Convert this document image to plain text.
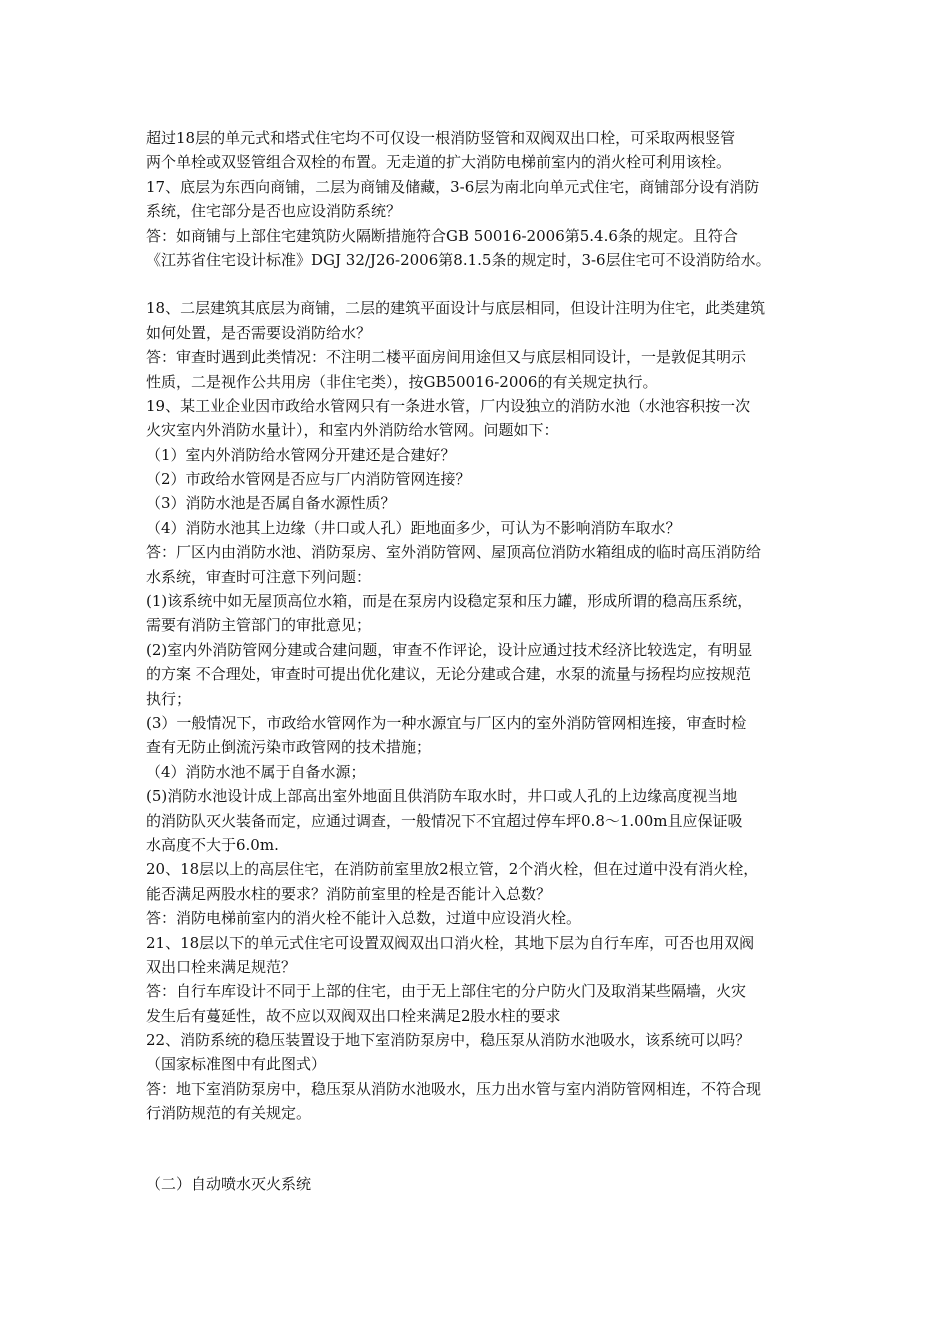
超过18层的单元式和塔式住宅均不可仅设一根消防竖管和双阀双出口栓，可采取两根竖管
两个单栓或双竖管组合双栓的布置。无走道的扩大消防电梯前室内的消火栓可利用该栓。
17、底层为东西向商铺，二层为商铺及储藏，3-6层为南北向单元式住宅，商铺部分设有消防
系统，住宅部分是否也应设消防系统？
答：如商铺与上部住宅建筑防火隔断措施符合GB 50016-2006第5.4.6条的规定。且符合
《江苏省住宅设计标准》DGJ 32/J26-2006第8.1.5条的规定时，3-6层住宅可不设消防给水。
18、二层建筑其底层为商铺，二层的建筑平面设计与底层相同，但设计注明为住宅，此类建筑
如何处置，是否需要设消防给水？
答：审查时遇到此类情况：不注明二楼平面房间用途但又与底层相同设计，一是敦促其明示
性质，二是视作公共用房（非住宅类），按GB50016-2006的有关规定执行。
19、某工业企业因市政给水管网只有一条进水管，厂内设独立的消防水池（水池容积按一次
火灾室内外消防水量计），和室内外消防给水管网。问题如下：
（1）室内外消防给水管网分开建还是合建好？
（2）市政给水管网是否应与厂内消防管网连接？
（3）消防水池是否属自备水源性质？
（4）消防水池其上边缘（井口或人孔）距地面多少，可认为不影响消防车取水？
答：厂区内由消防水池、消防泵房、室外消防管网、屋顶高位消防水箱组成的临时高压消防给
水系统，审查时可注意下列问题：
(1)该系统中如无屋顶高位水箱，而是在泵房内设稳定泵和压力罐，形成所谓的稳高压系统，
需要有消防主管部门的审批意见；
(2)室内外消防管网分建或合建问题，审查不作评论，设计应通过技术经济比较选定，有明显
的方案 不合理处，审查时可提出优化建议，无论分建或合建，水泵的流量与扬程均应按规范
执行；
(3）一般情况下，市政给水管网作为一种水源宜与厂区内的室外消防管网相连接，审查时检
查有无防止倒流污染市政管网的技术措施；
（4）消防水池不属于自备水源；
(5)消防水池设计成上部高出室外地面且供消防车取水时，井口或人孔的上边缘高度视当地
的消防队灭火装备而定，应通过调查，一般情况下不宜超过停车坪0.8～1.00m且应保证吸
水高度不大于6.0m.
20、18层以上的高层住宅，在消防前室里放2根立管，2个消火栓，但在过道中没有消火栓，
能否满足两股水柱的要求？消防前室里的栓是否能计入总数？
答：消防电梯前室内的消火栓不能计入总数，过道中应设消火栓。
21、18层以下的单元式住宅可设置双阀双出口消火栓，其地下层为自行车库，可否也用双阀
双出口栓来满足规范？
答：自行车库设计不同于上部的住宅，由于无上部住宅的分户防火门及取消某些隔墙，火灾
发生后有蔓延性，故不应以双阀双出口栓来满足2股水柱的要求
22、消防系统的稳压装置设于地下室消防泵房中，稳压泵从消防水池吸水，该系统可以吗？
（国家标准图中有此图式）
答：地下室消防泵房中，稳压泵从消防水池吸水，压力出水管与室内消防管网相连，不符合现
行消防规范的有关规定。
（二）自动喷水灭火系统
